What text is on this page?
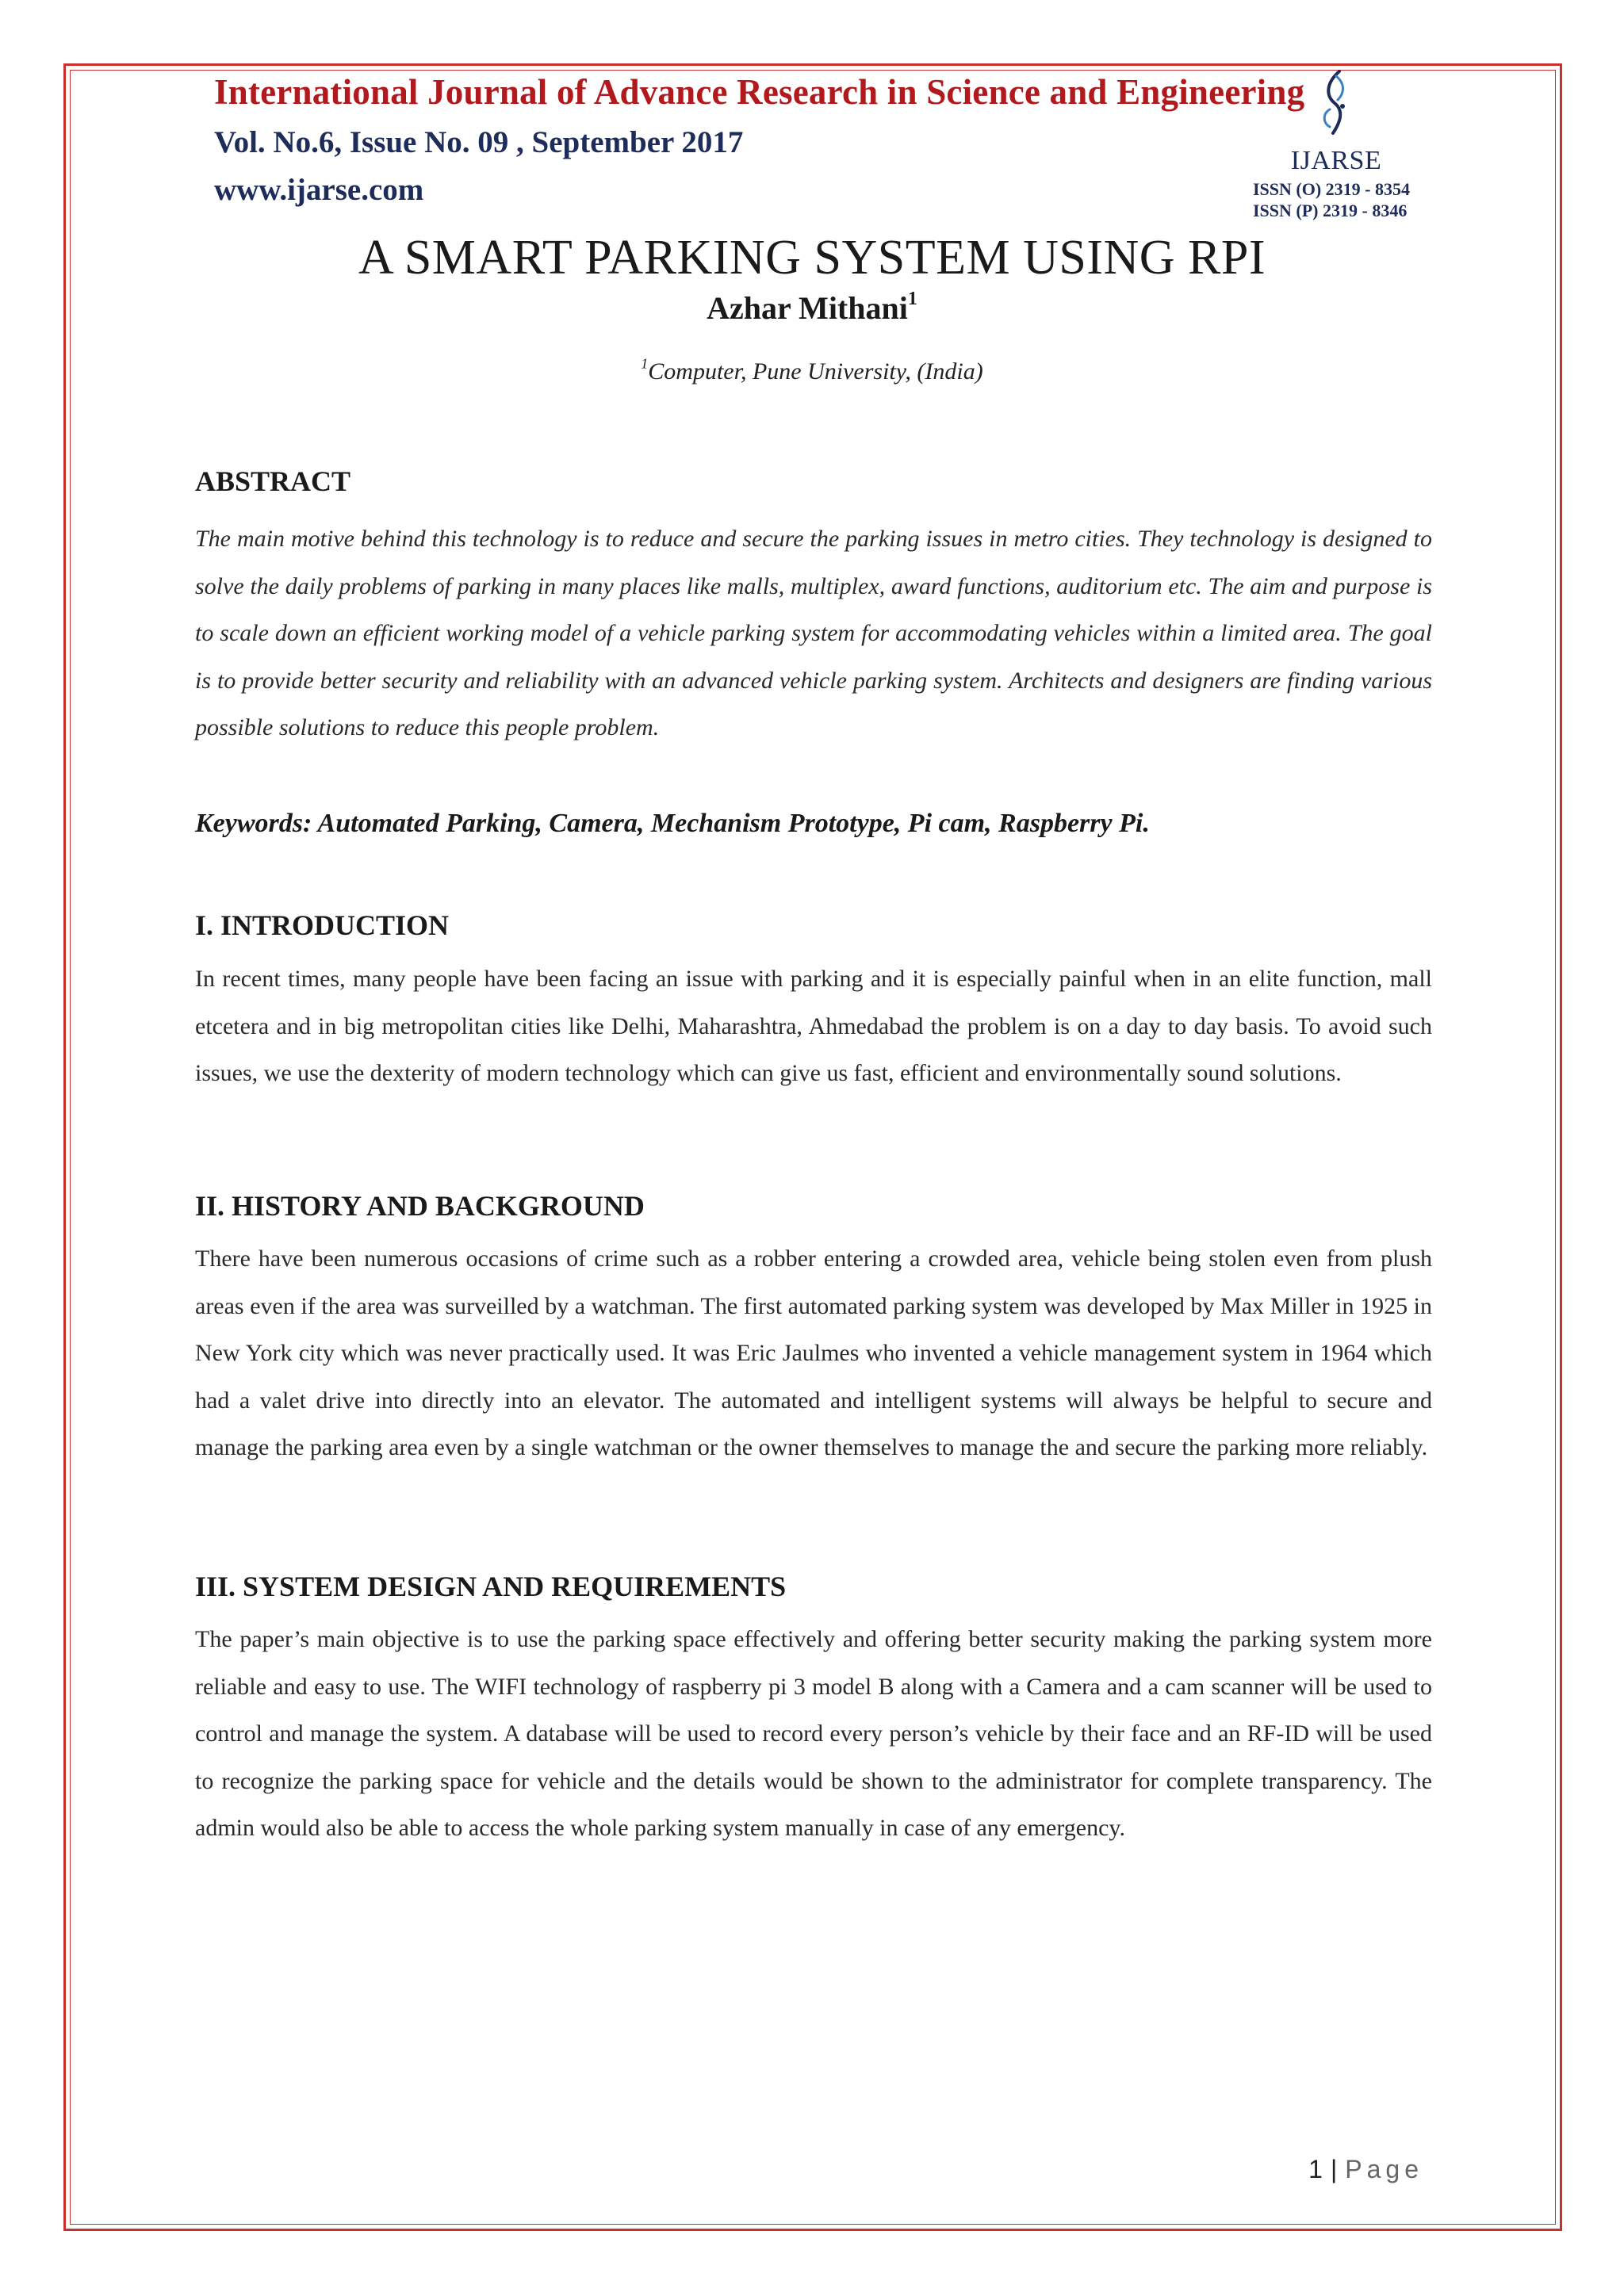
International Journal of Advance Research in Science and Engineering
Vol. No.6, Issue No. 09 , September 2017
www.ijarse.com
IJARSE
ISSN (O) 2319 - 8354
ISSN (P) 2319 - 8346
A SMART PARKING SYSTEM USING RPI
Azhar Mithani$^1$
$^1$Computer, Pune University, (India)
ABSTRACT

The main motive behind this technology is to reduce and secure the parking issues in metro cities. They technology is designed to solve the daily problems of parking in many places like malls, multiplex, award functions, auditorium etc. The aim and purpose is to scale down an efficient working model of a vehicle parking system for accommodating vehicles within a limited area. The goal is to provide better security and reliability with an advanced vehicle parking system. Architects and designers are finding various possible solutions to reduce this people problem.

Keywords: Automated Parking, Camera, Mechanism Prototype, Pi cam, Raspberry Pi.
I. INTRODUCTION

In recent times, many people have been facing an issue with parking and it is especially painful when in an elite function, mall etcetera and in big metropolitan cities like Delhi, Maharashtra, Ahmedabad the problem is on a day to day basis. To avoid such issues, we use the dexterity of modern technology which can give us fast, efficient and environmentally sound solutions.

II. HISTORY AND BACKGROUND

There have been numerous occasions of crime such as a robber entering a crowded area, vehicle being stolen even from plush areas even if the area was surveilled by a watchman. The first automated parking system was developed by Max Miller in 1925 in New York city which was never practically used. It was Eric Jaulmes who invented a vehicle management system in 1964 which had a valet drive into directly into an elevator. The automated and intelligent systems will always be helpful to secure and manage the parking area even by a single watchman or the owner themselves to manage the and secure the parking more reliably.

III. SYSTEM DESIGN AND REQUIREMENTS

The paper’s main objective is to use the parking space effectively and offering better security making the parking system more reliable and easy to use. The WIFI technology of raspberry pi 3 model B along with a Camera and a cam scanner will be used to control and manage the system. A database will be used to record every person’s vehicle by their face and an RF-ID will be used to recognize the parking space for vehicle and the details would be shown to the administrator for complete transparency. The admin would also be able to access the whole parking system manually in case of any emergency.

1 | Page
